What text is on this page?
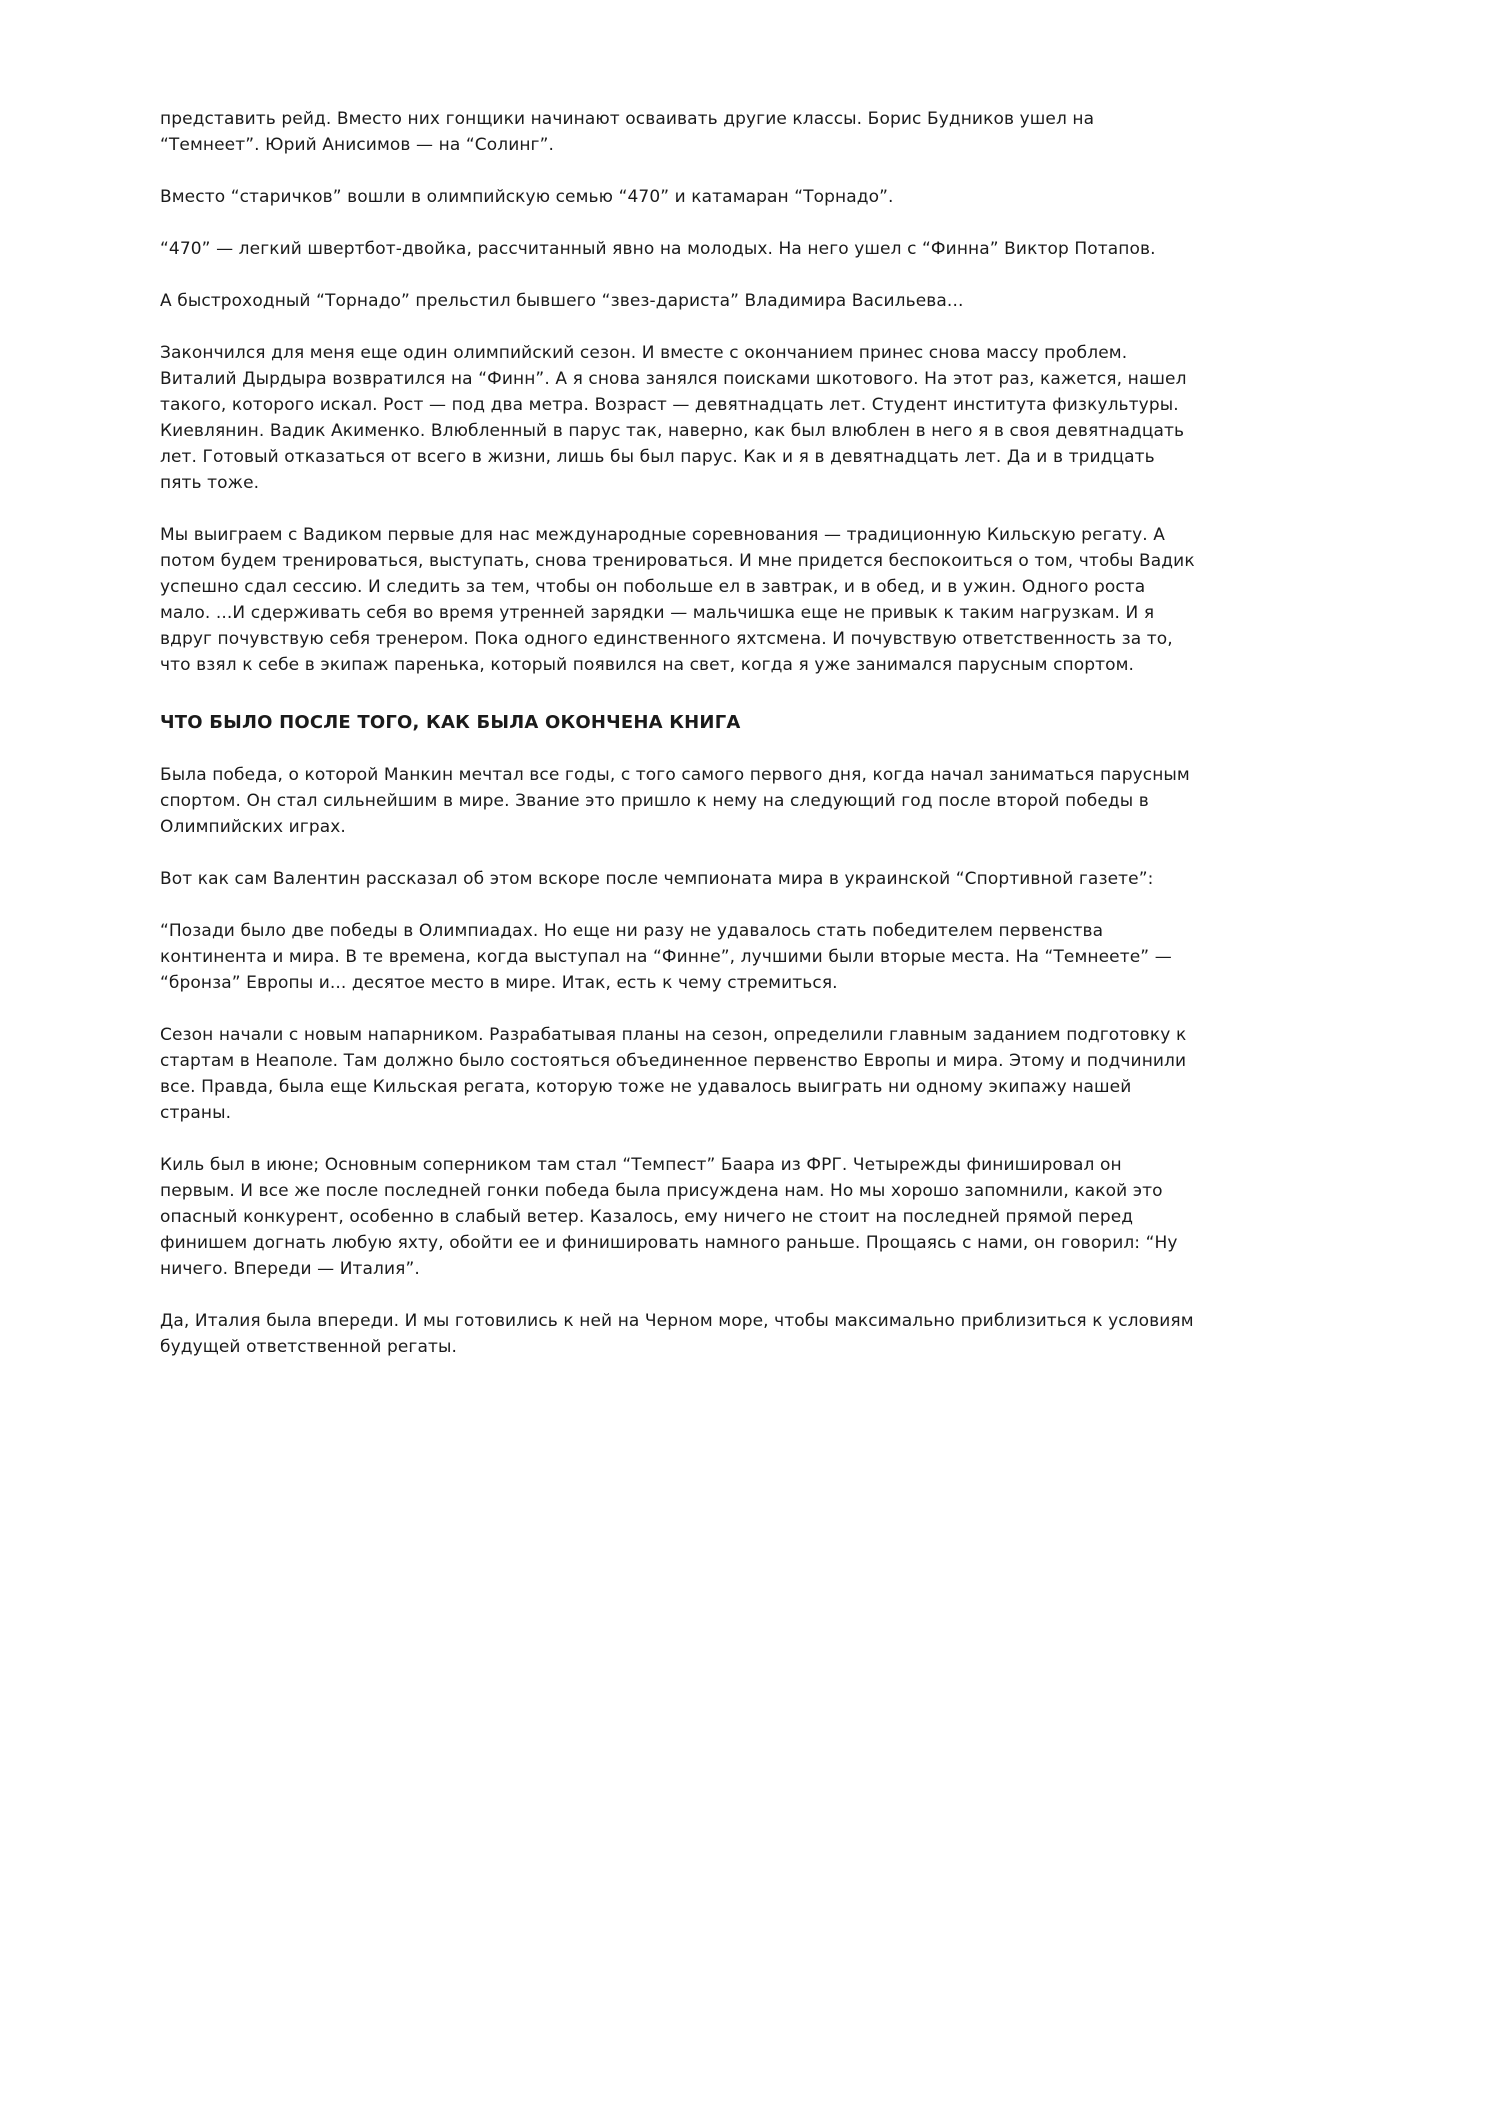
представить рейд. Вместо них гонщики начинают осваивать другие классы. Борис Будников ушел на “Темнеет”. Юрий Анисимов — на “Солинг”.

Вместо “старичков” вошли в олимпийскую семью “470” и катамаран “Торнадо”.

“470” — легкий швертбот-двойка, рассчитанный явно на молодых. На него ушел с “Финна” Виктор Потапов.

А быстроходный “Торнадо” прельстил бывшего “звез-дариста” Владимира Васильева...

Закончился для меня еще один олимпийский сезон. И вместе с окончанием принес снова массу проблем. Виталий Дырдыра возвратился на “Финн”. А я снова занялся поисками шкотового. На этот раз, кажется, нашел такого, которого искал. Рост — под два метра. Возраст — девятнадцать лет. Студент института физкультуры. Киевлянин. Вадик Акименко. Влюбленный в парус так, наверно, как был влюблен в него я в своя девятнадцать лет. Готовый отказаться от всего в жизни, лишь бы был парус. Как и я в девятнадцать лет. Да и в тридцать пять тоже.

Мы выиграем с Вадиком первые для нас международные соревнования — традиционную Кильскую регату. А потом будем тренироваться, выступать, снова тренироваться. И мне придется беспокоиться о том, чтобы Вадик успешно сдал сессию. И следить за тем, чтобы он побольше ел в завтрак, и в обед, и в ужин. Одного роста мало. ...И сдерживать себя во время утренней зарядки — мальчишка еще не привык к таким нагрузкам. И я вдруг почувствую себя тренером. Пока одного единственного яхтсмена. И почувствую ответственность за то, что взял к себе в экипаж паренька, который появился на свет, когда я уже занимался парусным спортом.

ЧТО БЫЛО ПОСЛЕ ТОГО, КАК БЫЛА ОКОНЧЕНА КНИГА

Была победа, о которой Манкин мечтал все годы, с того самого первого дня, когда начал заниматься парусным спортом. Он стал сильнейшим в мире. Звание это пришло к нему на следующий год после второй победы в Олимпийских играх.

Вот как сам Валентин рассказал об этом вскоре после чемпионата мира в украинской “Спортивной газете”:

“Позади было две победы в Олимпиадах. Но еще ни разу не удавалось стать победителем первенства континента и мира. В те времена, когда выступал на “Финне”, лучшими были вторые места. На “Темнеете” — “бронза” Европы и... десятое место в мире. Итак, есть к чему стремиться.

Сезон начали с новым напарником. Разрабатывая планы на сезон, определили главным заданием подготовку к стартам в Неаполе. Там должно было состояться объединенное первенство Европы и мира. Этому и подчинили все. Правда, была еще Кильская регата, которую тоже не удавалось выиграть ни одному экипажу нашей страны.

Киль был в июне; Основным соперником там стал “Темпест” Баара из ФРГ. Четырежды финишировал он первым. И все же после последней гонки победа была присуждена нам. Но мы хорошо запомнили, какой это опасный конкурент, особенно в слабый ветер. Казалось, ему ничего не стоит на последней прямой перед финишем догнать любую яхту, обойти ее и финишировать намного раньше. Прощаясь с нами, он говорил: “Ну ничего. Впереди — Италия”.

Да, Италия была впереди. И мы готовились к ней на Черном море, чтобы максимально приблизиться к условиям будущей ответственной регаты.
